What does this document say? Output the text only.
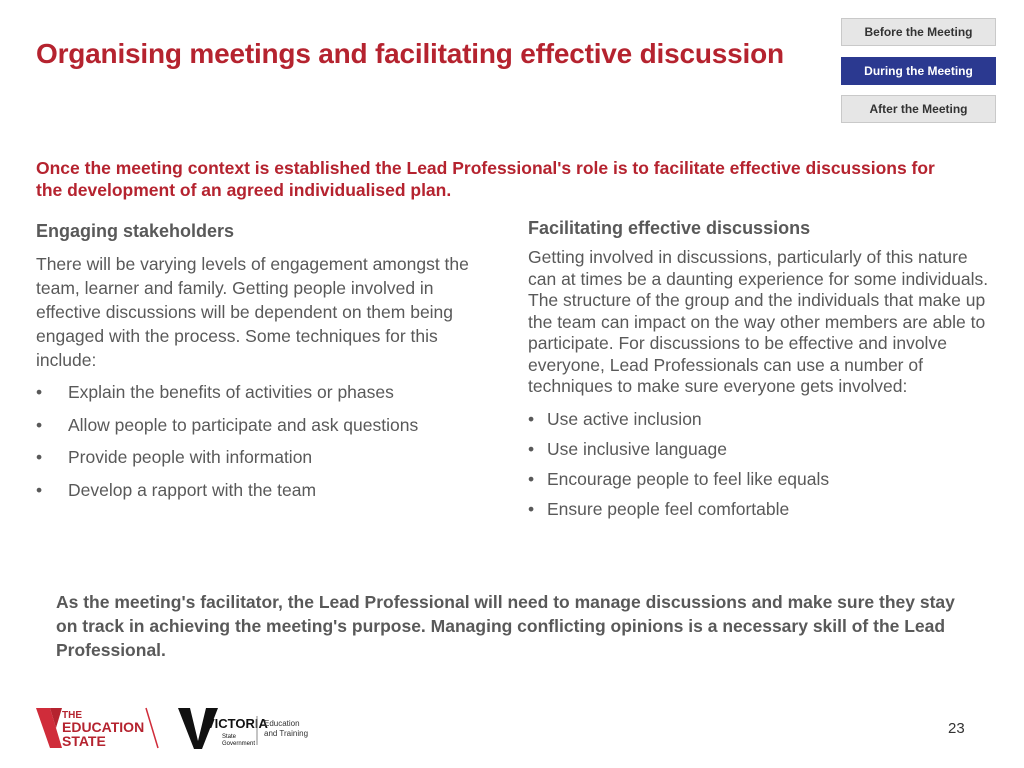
Organising meetings and facilitating effective discussion
Before the Meeting
During the Meeting
After the Meeting

Once the meeting context is established the Lead Professional's role is to facilitate effective discussions for the development of an agreed individualised plan.

Engaging stakeholders

There will be varying levels of engagement amongst the team, learner and family. Getting people involved in effective discussions will be dependent on them being engaged with the process. Some techniques for this include:

• Explain the benefits of activities or phases
• Allow people to participate and ask questions
• Provide people with information
• Develop a rapport with the team
Facilitating effective discussions

Getting involved in discussions, particularly of this nature can at times be a daunting experience for some individuals. The structure of the group and the individuals that make up the team can impact on the way other members are able to participate. For discussions to be effective and involve everyone, Lead Professionals can use a number of techniques to make sure everyone gets involved:

• Use active inclusion
• Use inclusive language
• Encourage people to feel like equals
• Ensure people feel comfortable

As the meeting's facilitator, the Lead Professional will need to manage discussions and make sure they stay on track in achieving the meeting's purpose. Managing conflicting opinions is a necessary skill of the Lead Professional.

THE
EDUCATION
STATE
VICTORIA
State
Government
Education
and Training	23
